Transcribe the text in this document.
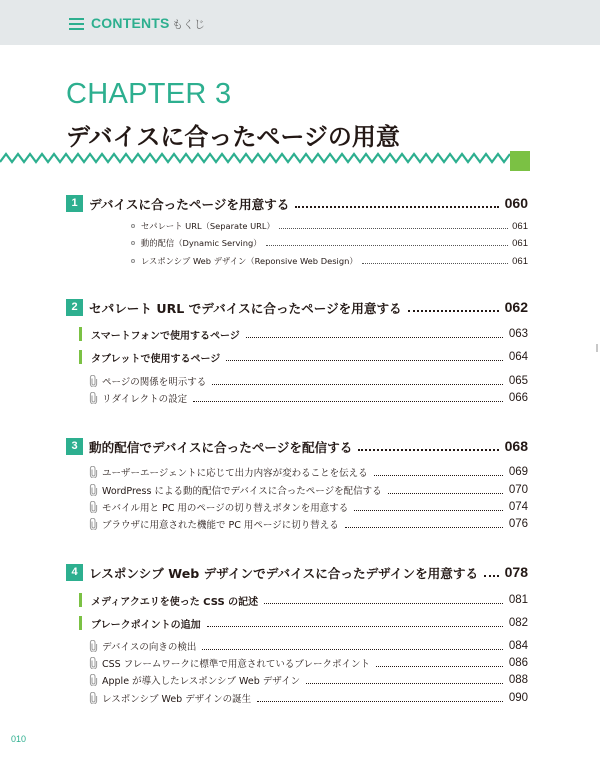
CONTENTS もくじ
CHAPTER 3
デバイスに合ったページの用意
1 デバイスに合ったページを用意する	060
セパレート URL（Separate URL）	061
動的配信（Dynamic Serving）	061
レスポンシブ Web デザイン（Reponsive Web Design）	061
2 セパレート URL でデバイスに合ったページを用意する	062
スマートフォンで使用するページ	063
タブレットで使用するページ	064
ページの関係を明示する	065
リダイレクトの設定	066
3 動的配信でデバイスに合ったページを配信する	068
ユーザーエージェントに応じて出力内容が変わることを伝える	069
WordPress による動的配信でデバイスに合ったページを配信する	070
モバイル用と PC 用のページの切り替えボタンを用意する	074
ブラウザに用意された機能で PC 用ページに切り替える	076
4 レスポンシブ Web デザインでデバイスに合ったデザインを用意する 078
メディアクエリを使った CSS の記述	081
ブレークポイントの追加	082
デバイスの向きの検出	084
CSS フレームワークに標準で用意されているブレークポイント	086
Apple が導入したレスポンシブ Web デザイン	088
レスポンシブ Web デザインの誕生	090
010
